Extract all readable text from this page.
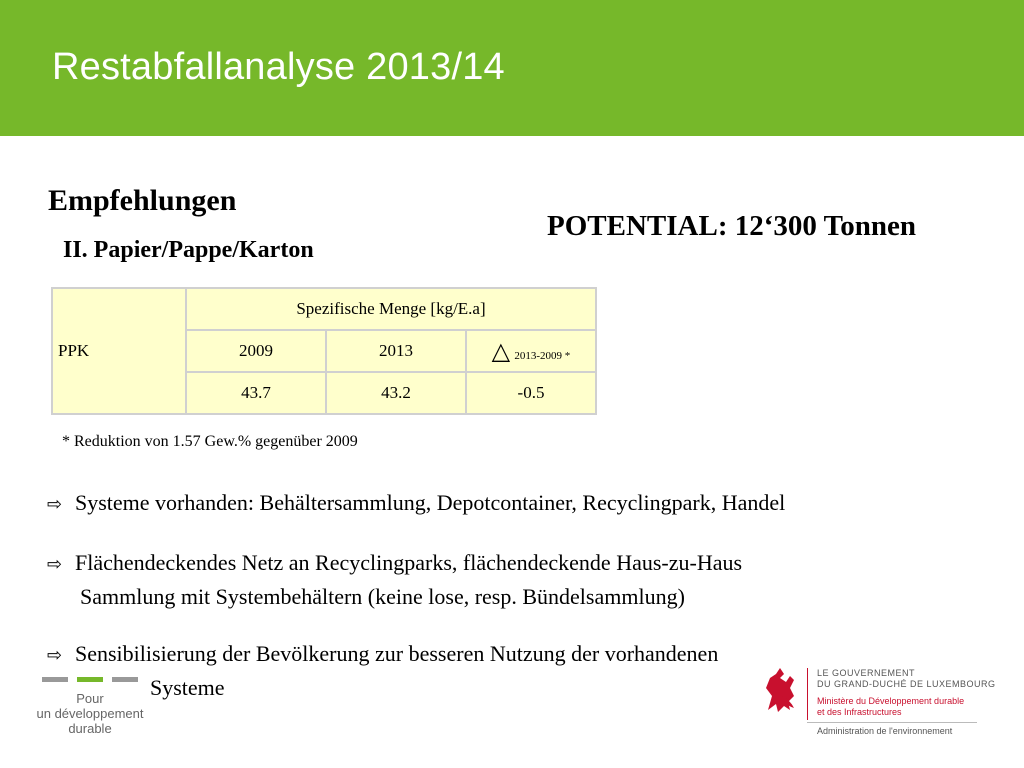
Restabfallanalyse 2013/14
Empfehlungen
POTENTIAL: 12‘300 Tonnen
II. Papier/Pappe/Karton
PPK	Spezifische Menge [kg/E.a]		
	2009	2013	△ 2013-2009 *
	43.7	43.2	-0.5
* Reduktion von 1.57 Gew.% gegenüber 2009
⇨ Systeme vorhanden: Behältersammlung, Depotcontainer, Recyclingpark, Handel
⇨ Flächendeckendes Netz an Recyclingparks, flächendeckende Haus-zu-Haus
Sammlung mit Systembehältern (keine lose, resp. Bündelsammlung)
⇨ Sensibilisierung der Bevölkerung zur besseren Nutzung der vorhandenen
Systeme
Pour
un développement
durable
LE GOUVERNEMENT
DU GRAND-DUCHÉ DE LUXEMBOURG
Ministère du Développement durable
et des Infrastructures
Administration de l'environnement
